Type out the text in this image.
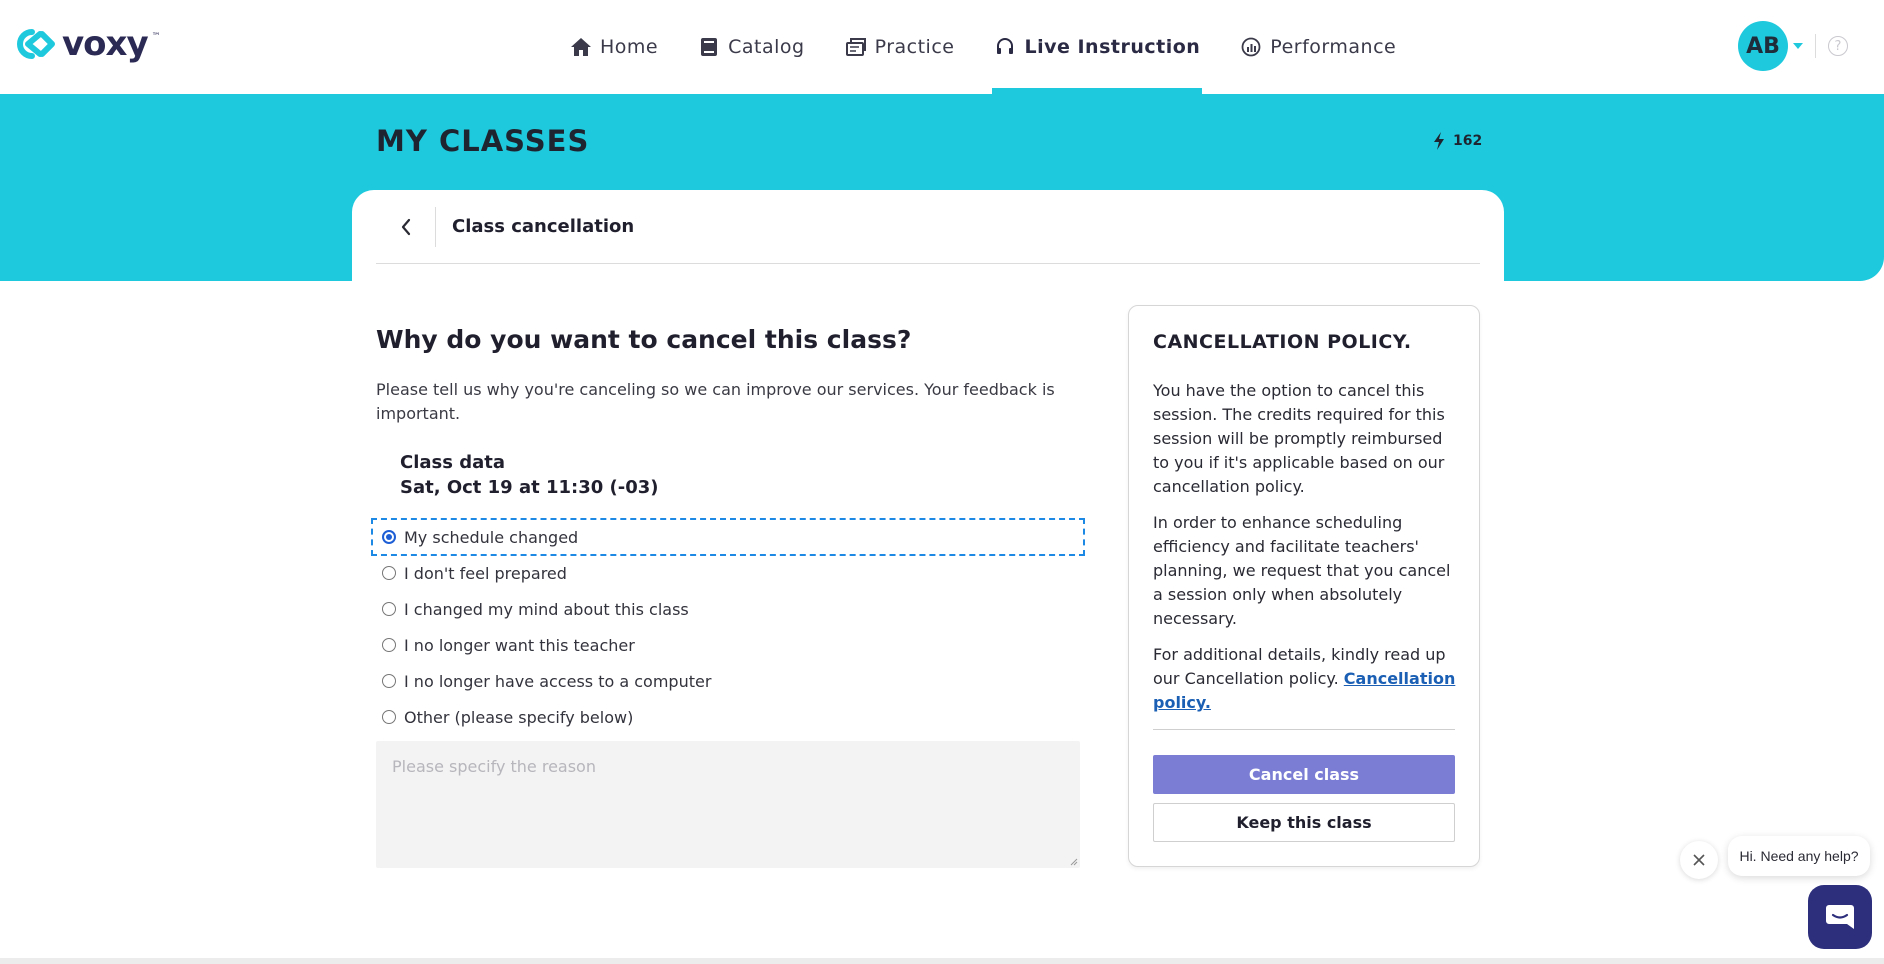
voxy ™	Home	Catalog	Practice	Live Instruction	Performance	AB	?
MY CLASSES	162
Class cancellation
Why do you want to cancel this class?
Please tell us why you're canceling so we can improve our services. Your feedback is important.
Class data
Sat, Oct 19 at 11:30 (-03)
My schedule changed
I don't feel prepared
I changed my mind about this class
I no longer want this teacher
I no longer have access to a computer
Other (please specify below)
Please specify the reason
CANCELLATION POLICY.
You have the option to cancel this session. The credits required for this session will be promptly reimbursed to you if it's applicable based on our cancellation policy.
In order to enhance scheduling efficiency and facilitate teachers' planning, we request that you cancel a session only when absolutely necessary.
For additional details, kindly read up our Cancellation policy. Cancellation policy.
Cancel class
Keep this class
Hi. Need any help?
